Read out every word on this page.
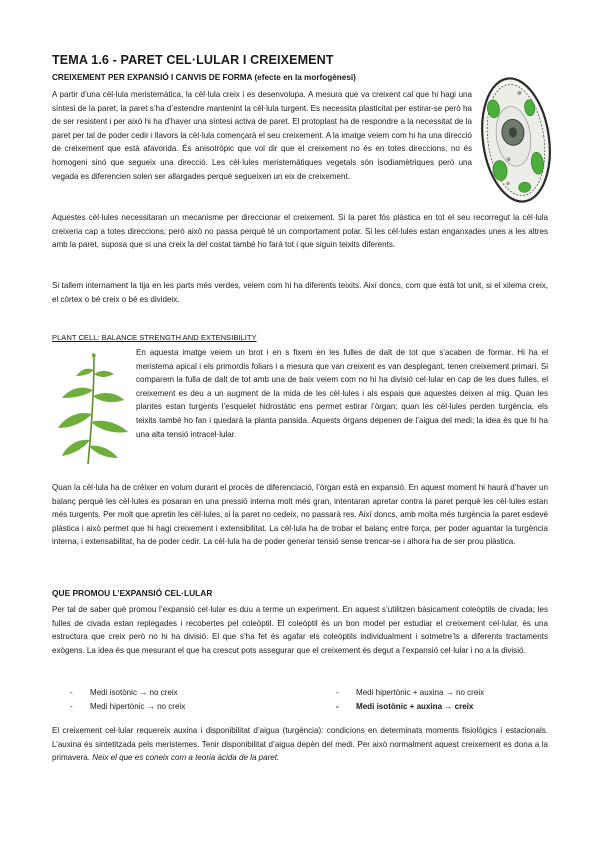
TEMA 1.6 - PARET CEL·LULAR I CREIXEMENT

CREIXEMENT PER EXPANSIÓ I CANVIS DE FORMA (efecte en la morfogènesi)

A partir d’una cèl·lula meristemàtica, la cèl·lula creix i es desenvolupa. A mesura que va creixent cal que hi hagi una síntesi de la paret; la paret s’ha d’estendre mantenint la cèl·lula turgent. Es necessita plasticitat per estirar-se però ha de ser resistent i per això hi ha d’haver una síntesi activa de paret. El protoplast ha de respondre a la necessitat de la paret per tal de poder cedir i llavors la cèl·lula començarà el seu creixement. A la imatge veiem com hi ha una direcció de creixement que està afavorida. És anisotròpic que vol dir que el creixement no és en totes direccions, no és homogeni sinó que segueix una direcció. Les cèl·lules meristemàtiques vegetals són isodiamètriques però una vegada es diferencien solen ser allargades perquè segueixen un eix de creixement.

Aquestes cèl·lules necessitaran un mecanisme per direccionar el creixement. Si la paret fós plàstica en tot el seu recorregut la cèl·lula creixeria cap a totes direccions; però això no passa perquè té un comportament polar. Si les cèl·lules estan enganxades unes a les altres amb la paret, suposa que si una creix la del costat també ho farà tot i que siguin teixits diferents.

Si tallem internament la tija en les parts més verdes, veiem com hi ha diferents teixits. Així doncs, com que està tot unit, si el xilema creix, el còrtex o bé creix o bé es divideix.

PLANT CELL: BALANCE STRENGTH AND EXTENSIBILITY

En aquesta imatge veiem un brot i en s fixem en les fulles de dalt de tot que s’acaben de formar. Hi ha el meristema apical i els primordis foliars i a mesura que van creixent es van desplegant, tenen creixement primari. Si comparem la fulla de dalt de tot amb una de baix veiem com no hi ha divisió cel·lular en cap de les dues fulles, el creixement es deu a un augment de la mida de les cèl·lules i als espais que aquestes deixen al mig. Quan les plantes estan turgents l’esquelet hidrostàtic ens permet estirar l’òrgan; quan les cèl·lules perden turgència, els teixits també ho fan i quedarà la planta pansida. Aquests òrgans depenen de l’aigua del medi; la idea és que hi ha una alta tensió intracel·lular.

Quan la cèl·lula ha de créixer en volum durant el procés de diferenciació, l’òrgan està en expansió. En aquest moment hi haurà d’haver un balanç perquè les cèl·lules es posaran en una pressió interna molt més gran, intentaran apretar contra la paret perquè les cèl·lules estan més turgents. Per molt que apretin les cèl·lules, si la paret no cedeix, no passarà res. Així doncs, amb molta més turgència la paret esdevé plàstica i això permet que hi hagi creixement i extensibilitat. La cèl·lula ha de trobar el balanç entre força, per poder aguantar la turgència interna, i extensabilitat, ha de poder cedir. La cèl·lula ha de poder generar tensió sense trencar-se i alhora ha de ser prou plàstica.

QUE PROMOU L’EXPANSIÓ CEL·LULAR

Per tal de saber què promou l’expansió cel·lular es duu a terme un experiment. En aquest s’utilitzen bàsicament coleòptils de civada; les fulles de civada estan replegades i recobertes pel coleòptil. El coleòptil és un bon model per estudiar el creixement cel·lular, és una estructura que creix però no hi ha divisió. El que s’ha fet és agafar els coleòptils individualment i sotmetre’ls a diferents tractaments exògens. La idea és que mesurant el que ha crescut pots assegurar que el creixement és degut a l’expansió cel·lular i no a la divisió.

- Medi isotònic → no creix
- Medi hipertònic → no creix
- Medi hipertònic + auxina → no creix
- Medi isotònic + auxina → creix

El creixement cel·lular requereix auxina i disponibilitat d’aigua (turgència): condicions en determinats moments fisiològics i estacionals. L’auxina és sintetitzada pels meristemes. Tenir disponibilitat d’aigua depèn del medi. Per això normalment aquest creixement es dona a la primavera. Neix el que es coneix com a teoria àcida de la paret.
